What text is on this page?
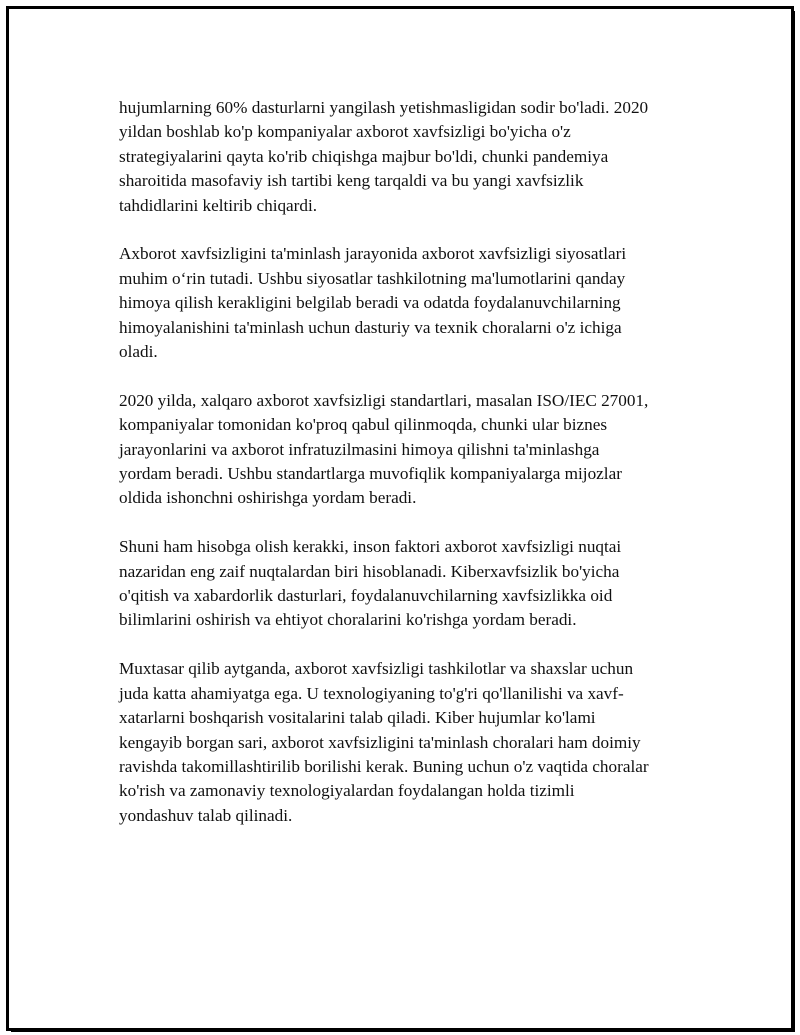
hujumlarning 60% dasturlarni yangilash yetishmasligidan sodir bo'ladi. 2020
yildan boshlab ko'p kompaniyalar axborot xavfsizligi bo'yicha o'z
strategiyalarini qayta ko'rib chiqishga majbur bo'ldi, chunki pandemiya
sharoitida masofaviy ish tartibi keng tarqaldi va bu yangi xavfsizlik
tahdidlarini keltirib chiqardi.

Axborot xavfsizligini ta'minlash jarayonida axborot xavfsizligi siyosatlari
muhim o‘rin tutadi. Ushbu siyosatlar tashkilotning ma'lumotlarini qanday
himoya qilish kerakligini belgilab beradi va odatda foydalanuvchilarning
himoyalanishini ta'minlash uchun dasturiy va texnik choralarni o'z ichiga
oladi.

2020 yilda, xalqaro axborot xavfsizligi standartlari, masalan ISO/IEC 27001,
kompaniyalar tomonidan ko'proq qabul qilinmoqda, chunki ular biznes
jarayonlarini va axborot infratuzilmasini himoya qilishni ta'minlashga
yordam beradi. Ushbu standartlarga muvofiqlik kompaniyalarga mijozlar
oldida ishonchni oshirishga yordam beradi.

Shuni ham hisobga olish kerakki, inson faktori axborot xavfsizligi nuqtai
nazaridan eng zaif nuqtalardan biri hisoblanadi. Kiberxavfsizlik bo'yicha
o'qitish va xabardorlik dasturlari, foydalanuvchilarning xavfsizlikka oid
bilimlarini oshirish va ehtiyot choralarini ko'rishga yordam beradi.

Muxtasar qilib aytganda, axborot xavfsizligi tashkilotlar va shaxslar uchun
juda katta ahamiyatga ega. U texnologiyaning to'g'ri qo'llanilishi va xavf-
xatarlarni boshqarish vositalarini talab qiladi. Kiber hujumlar ko'lami
kengayib borgan sari, axborot xavfsizligini ta'minlash choralari ham doimiy
ravishda takomillashtirilib borilishi kerak. Buning uchun o'z vaqtida choralar
ko'rish va zamonaviy texnologiyalardan foydalangan holda tizimli
yondashuv talab qilinadi.
